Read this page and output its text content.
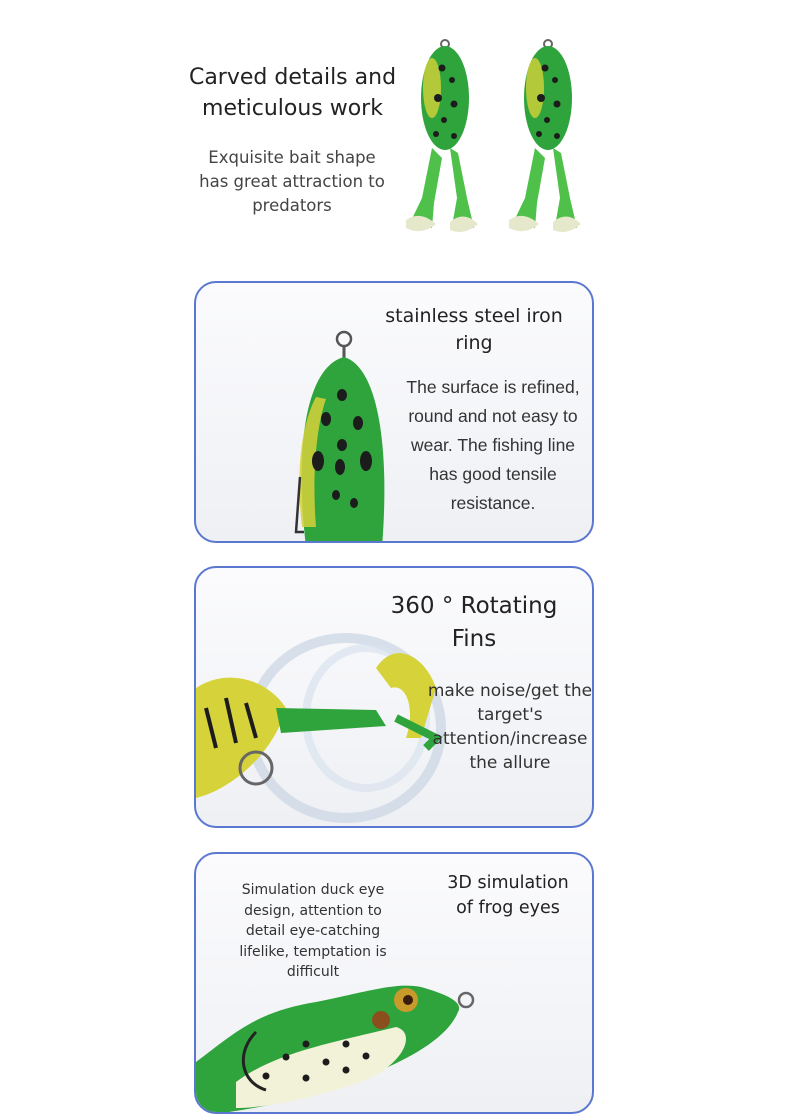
Carved details and meticulous work
Exquisite bait shape has great attraction to predators
stainless steel iron ring
The surface is refined, round and not easy to wear. The fishing line has good tensile resistance.
360 ° Rotating Fins
make noise/get the target's attention/increase the allure
3D simulation of frog eyes
Simulation duck eye design, attention to detail eye-catching lifelike, temptation is difficult
